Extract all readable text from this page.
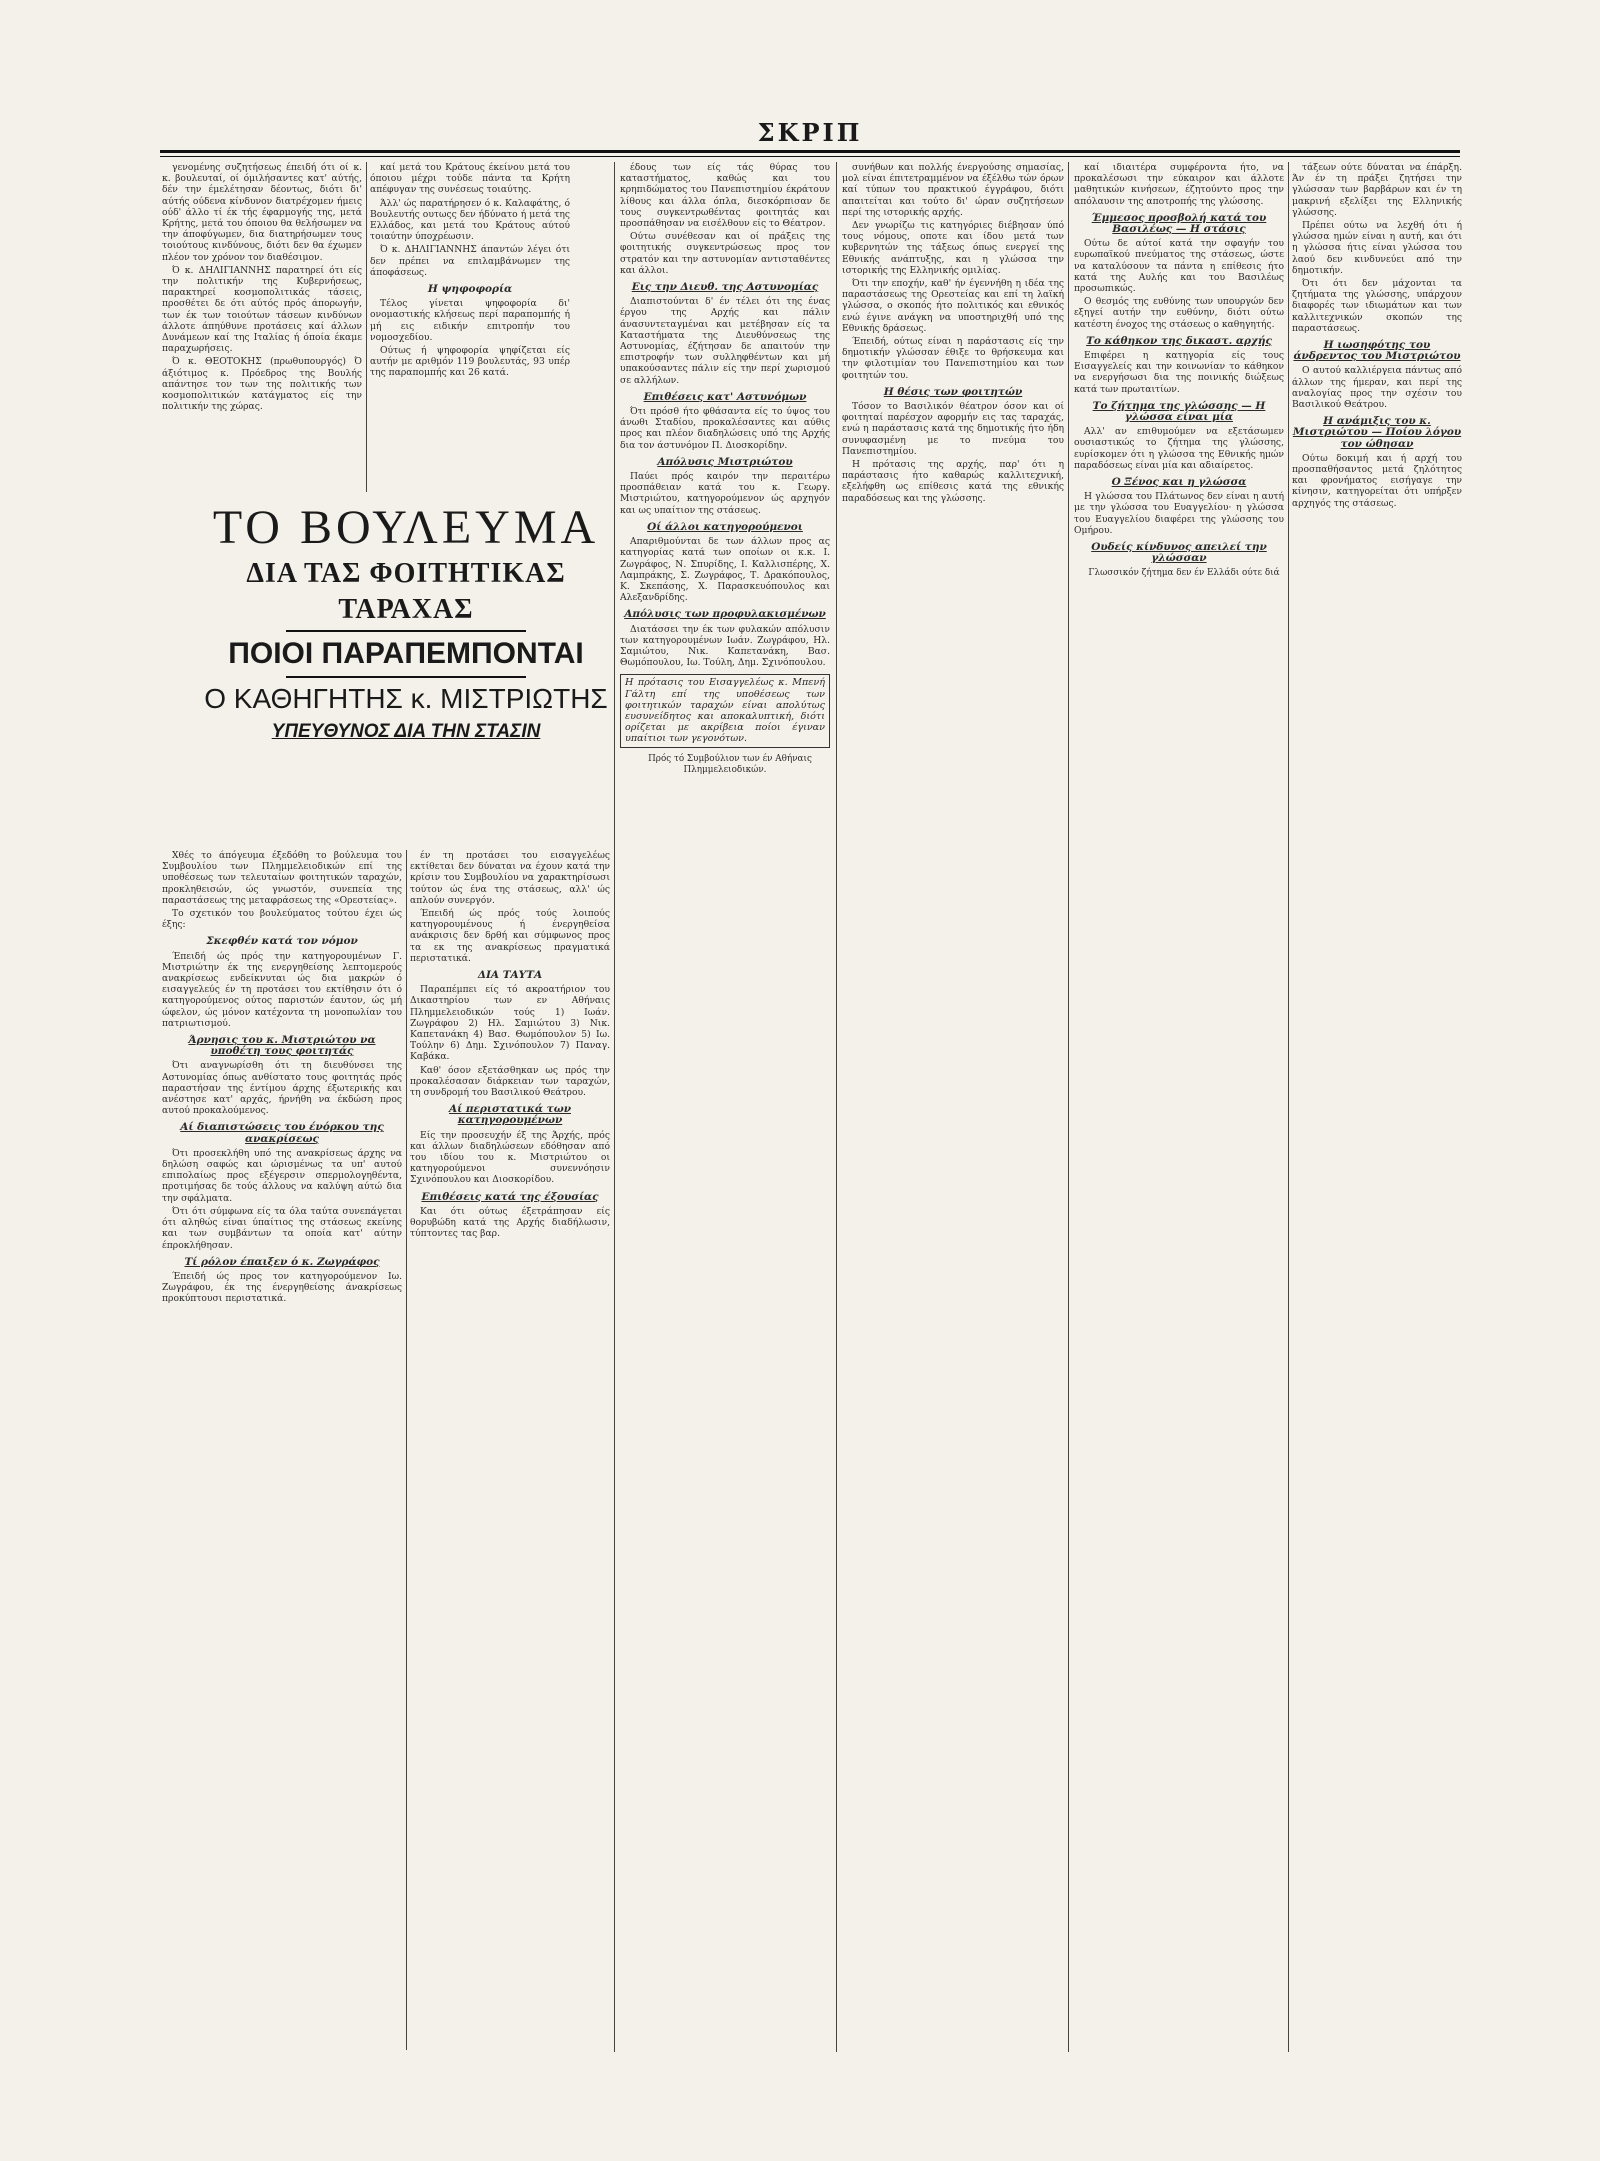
ΣΚΡΙΠ

γενομένης συζητήσεως έπειδή ότι οί κ. κ. βουλευταί, οί όμιλήσαντες κατ' αύτής, δέν την έμελέτησαν δέοντως, διότι δι' αύτής ούδενα κίνδυνον διατρέχομεν ήμεις ούδ' άλλο τί έκ τής έφαρμογής της, μετά Κρήτης, μετά του όποιου θα θελήσωμεν να την άποφύγωμεν, δια διατηρήσωμεν τους τοιούτους κινδύνους, διότι δεν θα έχωμεν πλέον τον χρόνον τον διαθέσιμον.

Ό κ. ΔΗΛΙΓΙΑΝΝΗΣ παρατηρεί ότι είς την πολιτικήν της Κυβερνήσεως, παρακτηρεί κοσμοπολιτικάς τάσεις, προσθέτει δε ότι αύτός πρός άπορωγήν, των έκ των τοιούτων τάσεων κινδύνων άλλοτε άπηύθυνε προτάσεις καί άλλων Δυνάμεων καί της Ιταλίας ή όποία έκαμε παραχωρήσεις.

Ό κ. ΘΕΟΤΟΚΗΣ (πρωθυπουργός) Ό άξιότιμος κ. Πρόεδρος της Βουλής απάντησε τον των της πολιτικής των κοσμοπολιτικών κατάγματος είς την πολιτικήν της χώρας.

καί μετά του Κράτους έκείνου μετά του όποιου μέχρι τούδε πάντα τα Κρήτη απέφυγαν της συνέσεως τοιαύτης.

Άλλ' ώς παρατήρησεν ό κ. Καλαφάτης, ό Βουλευτής ουτωςς δεν ήδύνατο ή μετά της Ελλάδος, και μετά του Κράτους αύτού τοιαύτην ύποχρέωσιν.

Ό κ. ΔΗΛΙΓΙΑΝΝΗΣ άπαντών λέγει ότι δεν πρέπει να επιλαμβάνωμεν της άποφάσεως.

Η ψηφοφορία

Τέλος γίνεται ψηφοφορία δι' ονομαστικής κλήσεως περί παραπομπής ή μή εις ειδικήν επιτροπήν του νομοσχεδίου.

Ούτως ή ψηφοφορία ψηφίζεται είς αυτήν με αριθμόν 119 βουλευτάς, 93 υπέρ της παραπομπής και 26 κατά.

ΤΟ ΒΟΥΛΕΥΜΑ
ΔΙΑ ΤΑΣ ΦΟΙΤΗΤΙΚΑΣ ΤΑΡΑΧΑΣ
ΠΟΙΟΙ ΠΑΡΑΠΕΜΠΟΝΤΑΙ
Ο ΚΑΘΗΓΗΤΗΣ κ. ΜΙΣΤΡΙΩΤΗΣ
ΥΠΕΥΘΥΝΟΣ ΔΙΑ ΤΗΝ ΣΤΑΣΙΝ

Χθές το άπόγευμα έξεδόθη το βούλευμα του Συμβουλίου των Πλημμελειοδικών επί της υποθέσεως των τελευταίων φοιτητικών ταραχών, προκληθεισών, ώς γνωστόν, συνεπεία της παραστάσεως της μεταφράσεως της «Ορεστείας».

Το σχετικόν του βουλεύματος τούτου έχει ώς έξης:

Σκεφθέν κατά τον νόμον

Έπειδή ώς πρός την κατηγορουμένων Γ. Μιστριώτην έκ της ενεργηθείσης λεπτομερούς ανακρίσεως ενδείκνυται ώς δια μακρών ό εισαγγελεύς έν τη προτάσει του εκτίθησιν ότι ό κατηγορούμενος ούτος παριστών έαυτον, ώς μή ώφελον, ώς μόνον κατέχοντα τη μονοπωλίαν του πατριωτισμού.

Άρνησις του κ. Μιστριώτου να υποθέτη τους φοιτητάς

Ότι αναγνωρίσθη ότι τη διευθύνσει της Αστυνομίας όπως ανθίστατο τους φοιτητάς πρός παραστήσαν της έντίμου άρχης έξωτερικής και ανέστησε κατ' αρχάς, ήρνήθη να έκδώση προς αυτού προκαλούμενος.

Αί διαπιστώσεις του ένόρκου της ανακρίσεως

Ότι προσεκλήθη υπό της ανακρίσεως άρχης να δηλώση σαφώς και ώρισμένως τα υπ' αυτού επιπολαίως προς εξέγερσιν σπερμολογηθέντα, προτιμήσας δε τούς άλλους να καλύψη αύτώ δια την σφάλματα.

Ότι ότι σύμφωνα είς τα όλα ταύτα συνεπάγεται ότι αληθώς είναι ύπαίτιος της στάσεως εκείνης και των συμβάντων τα οποία κατ' αύτην έπροκλήθησαν.

Τί ρόλον έπαιξεν ό κ. Ζωγράφος

Έπειδή ώς προς τον κατηγορούμενον Ιω. Ζωγράφου, έκ της ένεργηθείσης άνακρίσεως προκύπτουσι περιστατικά.

έν τη προτάσει του εισαγγελέως εκτίθεται δεν δύναται να έχουν κατά την κρίσιν του Συμβουλίου να χαρακτηρίσωσι τούτον ώς ένα της στάσεως, αλλ' ώς απλούν συνεργόν.

Έπειδή ώς πρός τούς λοιπούς κατηγορουμένους ή ένεργηθείσα ανάκρισις δεν δρθή και σύμφωνος προς τα εκ της ανακρίσεως πραγματικά περιστατικά.

ΔΙΑ ΤΑΥΤΑ

Παραπέμπει είς τό ακροατήριον του Δικαστηρίου των εν Αθήναις Πλημμελειοδικών τούς 1) Ιωάν. Ζωγράφου 2) Ηλ. Σαμιώτου 3) Νικ. Καπετανάκη 4) Βασ. Θωμόπουλον 5) Ιω. Τούλην 6) Δημ. Σχινόπουλον 7) Παναγ. Καβάκα.

Καθ' όσον εξετάσθηκαν ως πρός την προκαλέσασαν διάρκειαν των ταραχών, τη συνδρομή του Βασιλικού Θεάτρου.

Αί περιστατικά των κατηγορουμένων

Είς την προσευχήν έξ της Άρχής, πρός και άλλων διαδηλώσεων εδόθησαν από του ιδίου του κ. Μιστριώτου οι κατηγορούμενοι συνεννόησιν Σχινόπουλου και Διοσκορίδου.

Επιθέσεις κατά της έξουσίας

Και ότι ούτως έξετράπησαν είς θορυβώδη κατά της Αρχής διαδήλωσιν, τύπτοντες τας βαρ.

έδους των είς τάς θύρας του καταστήματος, καθώς και του κρηπιδώματος του Πανεπιστημίου έκράτουν λίθους και άλλα όπλα, διεσκόρπισαν δε τους συγκεντρωθέντας φοιτητάς και προσπάθησαν να εισέλθουν είς το Θέατρον.

Ούτω συνέθεσαν και οί πράξεις της φοιτητικής συγκεντρώσεως προς τον στρατόν και την αστυνομίαν αντισταθέντες και άλλοι.

Εις την Διευθ. της Αστυνομίας

Διαπιστούνται δ' έν τέλει ότι της ένας έργου της Αρχής και πάλιν άνασυντεταγμέναι και μετέβησαν είς τα Καταστήματα της Διευθύνσεως της Αστυνομίας, έζήτησαν δε απαιτούν την επιστροφήν των συλληφθέντων και μή υπακούσαντες πάλιν είς την περί χωρισμού σε αλλήλων.

Επιθέσεις κατ' Αστυνόμων

Ότι πρόσθ ήτο φθάσαντα είς το ύψος του άνωθι Σταδίου, προκαλέσαντες και αύθις προς και πλέον διαδηλώσεις υπό της Αρχής δια τον άστυνόμον Π. Διοσκορίδην.

Απόλυσις Μιστριώτου

Παύει πρός καιρόν την περαιτέρω προσπάθειαν κατά του κ. Γεωργ. Μιστριώτου, κατηγορούμενον ώς αρχηγόν και ως υπαίτιον της στάσεως.

Οί άλλοι κατηγορούμενοι

Απαριθμούνται δε των άλλων προς ας κατηγορίας κατά των οποίων οι κ.κ. Ι. Ζωγράφος, Ν. Σπυρίδης, Ι. Καλλισπέρης, Χ. Λαμπράκης, Σ. Ζωγράφος, Τ. Δρακόπουλος, Κ. Σκεπάσης, Χ. Παρασκευόπουλος και Αλεξανδρίδης.

Απόλυσις των προφυλακισμένων

Διατάσσει την έκ των φυλακών απόλυσιν των κατηγορουμένων Ιωάν. Ζωγράφου, Ηλ. Σαμιώτου, Νικ. Καπετανάκη, Βασ. Θωμόπουλου, Ιω. Τούλη, Δημ. Σχινόπουλου.

Η πρότασις του Εισαγγελέως κ. Μπενή Γάλτη επί της υποθέσεως των φοιτητικών ταραχών είναι απολύτως ευσυνείδητος και αποκαλυπτική, διότι ορίζεται με ακρίβεια ποίοι έγιναν υπαίτιοι των γεγονότων.

Πρός τό Συμβούλιον των έν Αθήναις Πλημμελειοδικών.

συνήθων και πολλής ένεργούσης σημασίας, μολ είναι έπιτετραμμένον να έξέλθω τών όρων καί τύπων του πρακτικού έγγράφου, διότι απαιτείται και τούτο δι' ώραν συζητήσεων περί της ιστορικής αρχής.

Δεν γνωρίζω τις κατηγόριες διέβησαν ύπό τους νόμους, οποτε και ίδου μετά των κυβερνητών της τάξεως όπως ενεργεί της Εθνικής ανάπτυξης, και η γλώσσα την ιστορικής της Ελληνικής ομιλίας.

Ότι την εποχήν, καθ' ήν έγεννήθη η ιδέα της παραστάσεως της Ορεστείας και επί τη λαϊκή γλώσσα, ο σκοπός ήτο πολιτικός και εθνικός ενώ έγινε ανάγκη να υποστηριχθή υπό της Εθνικής δράσεως.

Έπειδή, ούτως είναι η παράστασις είς την δημοτικήν γλώσσαν έθιξε το θρήσκευμα και την φιλοτιμίαν του Πανεπιστημίου και των φοιτητών του.

Η θέσις των φοιτητών

Τόσον το Βασιλικόν θέατρον όσον και οί φοιτηταί παρέσχον αφορμήν εις τας ταραχάς, ενώ η παράστασις κατά της δημοτικής ήτο ήδη συνυφασμένη με το πνεύμα του Πανεπιστημίου.

Η πρότασις της αρχής, παρ' ότι η παράστασις ήτο καθαρώς καλλιτεχνική, εξελήφθη ως επίθεσις κατά της εθνικής παραδόσεως και της γλώσσης.

καί ιδιαιτέρα συμφέροντα ήτο, να προκαλέσωσι την εύκαιρον και άλλοτε μαθητικών κινήσεων, έζητούντο προς την απόλαυσιν της αποτροπής της γλώσσης.

Έμμεσος προσβολή κατά του Βασιλέως — Η στάσις

Ούτω δε αύτοί κατά την σφαγήν του ευρωπαϊκού πνεύματος της στάσεως, ώστε να καταλύσουν τα πάντα η επίθεσις ήτο κατά της Αυλής και του Βασιλέως προσωπικώς.

Ο θεσμός της ευθύνης των υπουργών δεν εξηγεί αυτήν την ευθύνην, διότι ούτω κατέστη ένοχος της στάσεως ο καθηγητής.

Το κάθηκον της δικαστ. αρχής

Επιφέρει η κατηγορία είς τους Εισαγγελείς και την κοινωνίαν το κάθηκον να ενεργήσωσι δια της ποινικής διώξεως κατά των πρωταιτίων.

Το ζήτημα της γλώσσης — Η γλώσσα είναι μία

Αλλ' αν επιθυμούμεν να εξετάσωμεν ουσιαστικώς το ζήτημα της γλώσσης, ευρίσκομεν ότι η γλώσσα της Εθνικής ημών παραδόσεως είναι μία και αδιαίρετος.

Ο Ξένος και η γλώσσα

Η γλώσσα του Πλάτωνος δεν είναι η αυτή με την γλώσσα του Ευαγγελίου· η γλώσσα του Ευαγγελίου διαφέρει της γλώσσης του Ομήρου.

Ουδείς κίνδυνος απειλεί την γλώσσαν

Γλωσσικόν ζήτημα δεν έν Ελλάδι ούτε διά

τάξεων ούτε δύναται να έπάρξη. Άν έν τη πράξει ζητήσει την γλώσσαν των βαρβάρων και έν τη μακρινή εξελίξει της Ελληνικής γλώσσης.

Πρέπει ούτω να λεχθή ότι ή γλώσσα ημών είναι η αυτή, και ότι η γλώσσα ήτις είναι γλώσσα του λαού δεν κινδυνεύει από την δημοτικήν.

Ότι ότι δεν μάχονται τα ζητήματα της γλώσσης, υπάρχουν διαφορές των ιδιωμάτων και των καλλιτεχνικών σκοπών της παραστάσεως.

Η ιωσηφότης του άνδρεντος του Μιστριώτου

Ο αυτού καλλιέργεια πάντως από άλλων της ήμεραν, και περί της αναλογίας προς την σχέσιν του Βασιλικού Θεάτρου.

Η ανάμιξις του κ. Μιστριώτου — Ποίου λόγου τον ώθησαν

Ούτω δοκιμή και ή αρχή του προσπαθήσαντος μετά ζηλότητος και φρονήματος εισήγαγε την κίνησιν, κατηγορείται ότι υπήρξεν αρχηγός της στάσεως.
